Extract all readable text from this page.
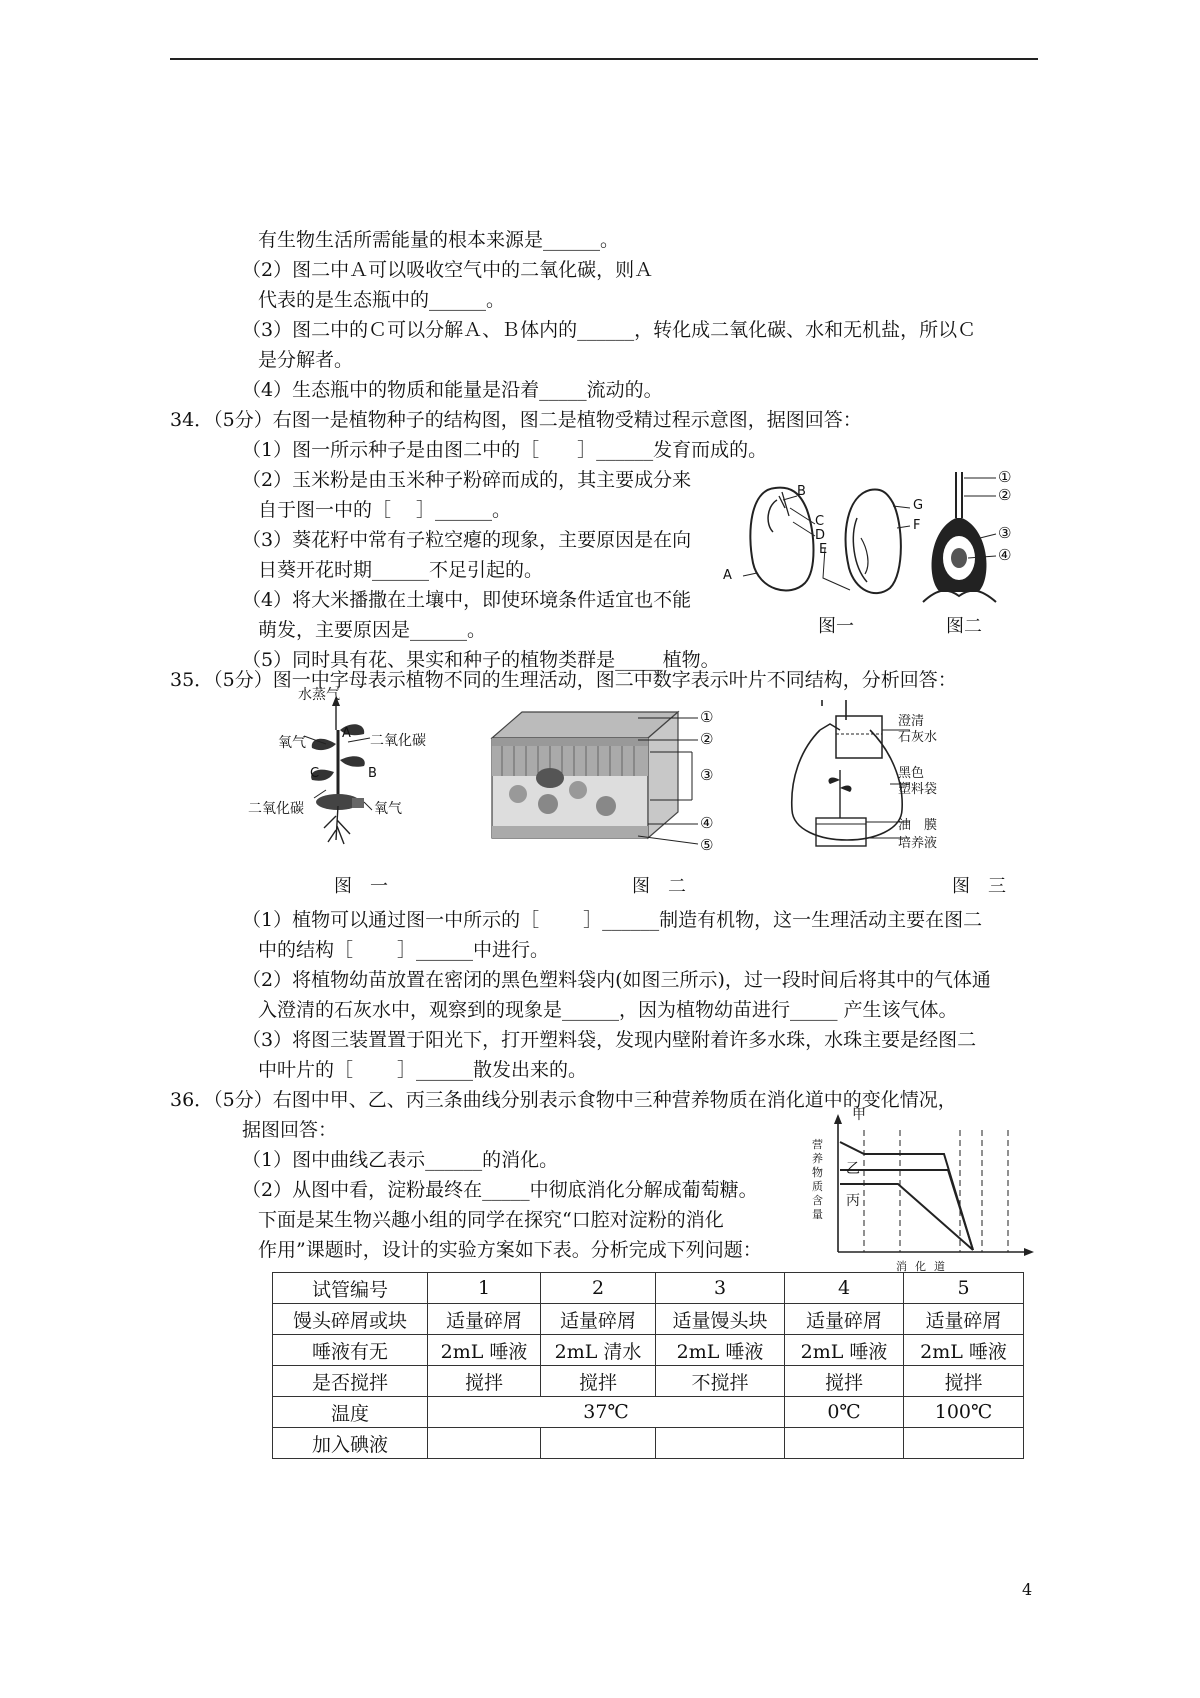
有生物生活所需能量的根本来源是______。
（2）图二中Ａ可以吸收空气中的二氧化碳，则Ａ
代表的是生态瓶中的______。
（3）图二中的Ｃ可以分解Ａ、Ｂ体内的______，转化成二氧化碳、水和无机盐，所以Ｃ
是分解者。
（4）生态瓶中的物质和能量是沿着_____流动的。
34．（5分）右图一是植物种子的结构图，图二是植物受精过程示意图，据图回答：
（1）图一所示种子是由图二中的［　　］______发育而成的。
（2）玉米粉是由玉米种子粉碎而成的，其主要成分来
自于图一中的［　 ］______。
（3）葵花籽中常有子粒空瘪的现象，主要原因是在向
日葵开花时期______不足引起的。
（4）将大米播撒在土壤中，即使环境条件适宜也不能
萌发，主要原因是______。
（5）同时具有花、果实和种子的植物类群是_____植物。
A
B
C
D
E
G
F
①
②
③
④
图一	图二
35．（5分）图一中字母表示植物不同的生理活动，图二中数字表示叶片不同结构，分析回答：
水蒸气
A
B
C
氧气	二氧化碳
二氧化碳	氧气
①
②
③
④
⑤
澄清
石灰水
黑色
塑料袋
油　膜
培养液
图　一	图　二	图　三
（1）植物可以通过图一中所示的［　　 ］______制造有机物，这一生理活动主要在图二
中的结构［　　 ］______中进行。
（2）将植物幼苗放置在密闭的黑色塑料袋内(如图三所示)，过一段时间后将其中的气体通
入澄清的石灰水中，观察到的现象是______，因为植物幼苗进行_____ 产生该气体。
（3）将图三装置置于阳光下，打开塑料袋，发现内壁附着许多水珠，水珠主要是经图二
中叶片的［　　 ］______散发出来的。
36．（5分）右图中甲、乙、丙三条曲线分别表示食物中三种营养物质在消化道中的变化情况，
据图回答：
（1）图中曲线乙表示______的消化。
（2）从图中看，淀粉最终在_____中彻底消化分解成葡萄糖。
下面是某生物兴趣小组的同学在探究“口腔对淀粉的消化
作用”课题时，设计的实验方案如下表。分析完成下列问题：
甲
乙
丙
营养物质含量
消化道
试管编号	1	2	3	4	5
馒头碎屑或块	适量碎屑	适量碎屑	适量馒头块	适量碎屑	适量碎屑
唾液有无	2mL 唾液	2mL 清水	2mL 唾液	2mL 唾液	2mL 唾液
是否搅拌	搅拌	搅拌	不搅拌	搅拌	搅拌
温度	37℃			0℃	100℃
加入碘液					
4
